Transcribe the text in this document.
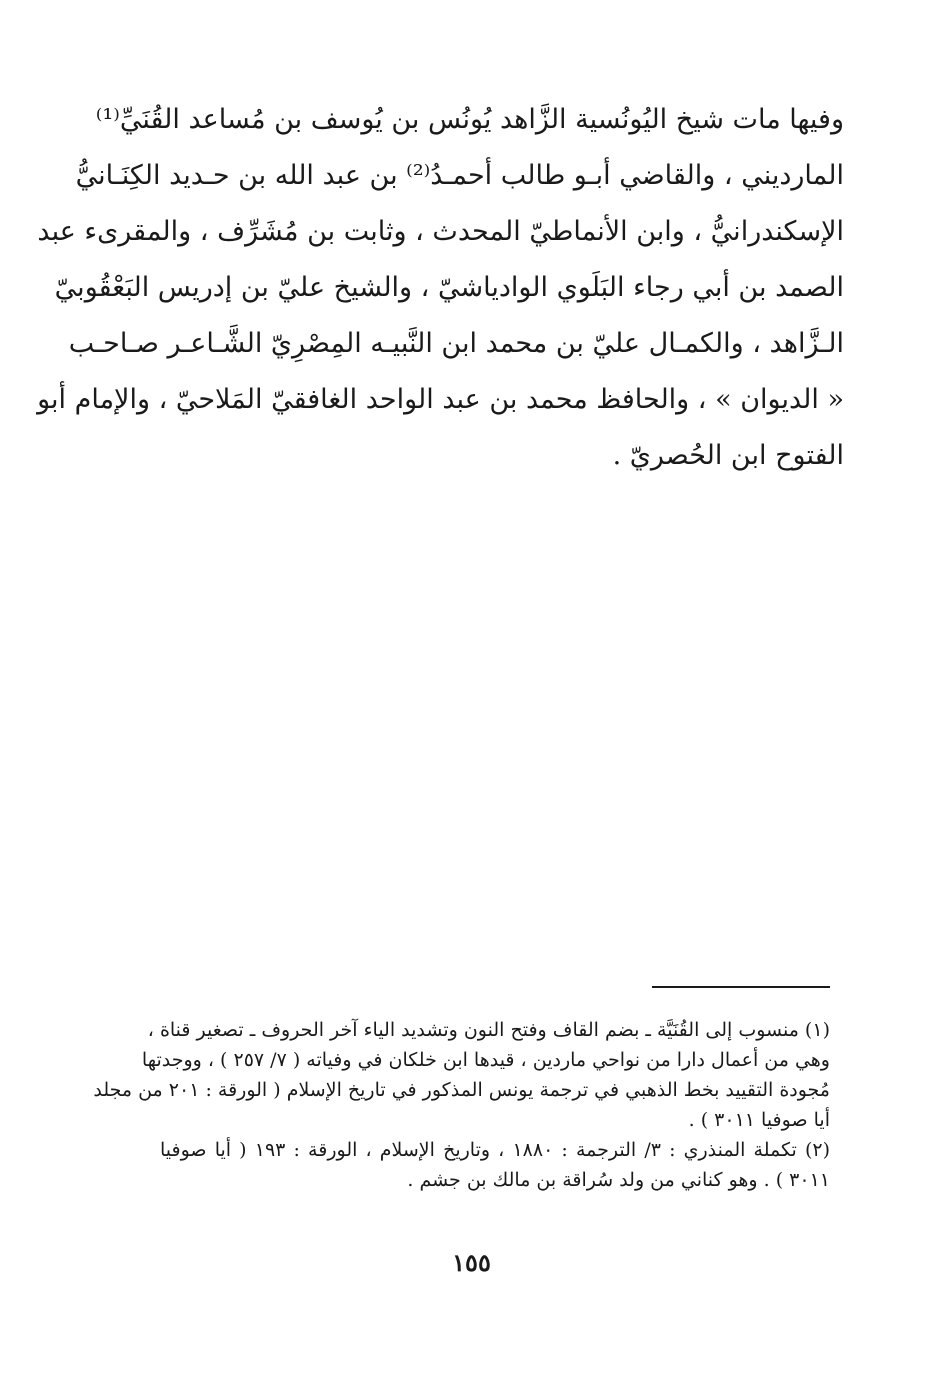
وفيها مات شيخ اليُونُسية الزَّاهد يُونُس بن يُوسف بن مُساعد القُنَيِّ⁽¹⁾
المارديني ، والقاضي أبـو طالب أحمـدُ⁽²⁾ بن عبد الله بن حـديد الكِنَـانيُّ
الإسكندرانيُّ ، وابن الأنماطيّ المحدث ، وثابت بن مُشَرِّف ، والمقرىء عبد
الصمد بن أبي رجاء البَلَوي الوادياشيّ ، والشيخ عليّ بن إدريس البَعْقُوبيّ
الـزَّاهد ، والكمـال عليّ بن محمد ابن النَّبيـه المِصْرِيّ الشَّـاعـر صـاحـب
« الديوان » ، والحافظ محمد بن عبد الواحد الغافقيّ المَلاحيّ ، والإمام أبو
الفتوح ابن الحُصريّ .
(١) منسوب إلى القُنَيَّة ـ بضم القاف وفتح النون وتشديد الياء آخر الحروف ـ تصغير قناة ،
وهي من أعمال دارا من نواحي ماردين ، قيدها ابن خلكان في وفياته ( ٧/ ٢٥٧ ) ، ووجدتها
مُجودة التقييد بخط الذهبي في ترجمة يونس المذكور في تاريخ الإسلام ( الورقة : ٢٠١ من مجلد
أيا صوفيا ٣٠١١ ) .
(٢) تكملة المنذري : ٣/ الترجمة : ١٨٨٠ ، وتاريخ الإسلام ، الورقة : ١٩٣ ( أيا صوفيا
٣٠١١ ) . وهو كناني من ولد سُراقة بن مالك بن جشم .
١٥٥
